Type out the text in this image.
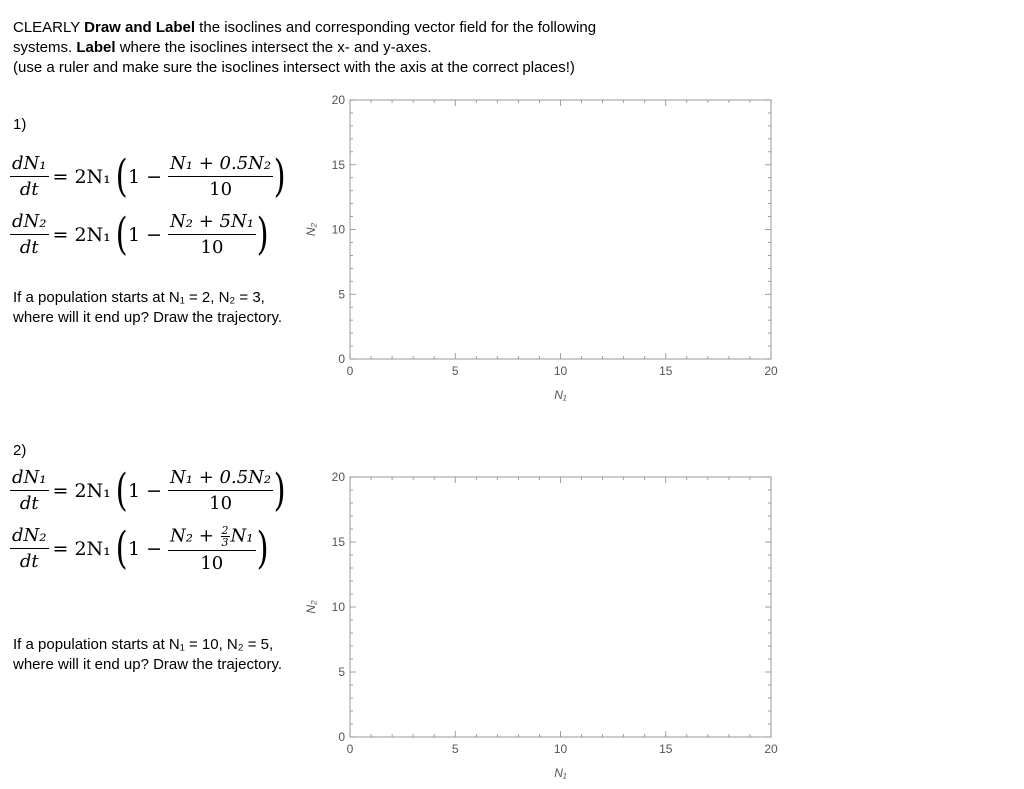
CLEARLY Draw and Label the isoclines and corresponding vector field for the following
systems. Label where the isoclines intersect the x- and y-axes.
(use a ruler and make sure the isoclines intersect with the axis at the correct places!)
1)
$\frac{\text{dN₁}}{dt} = 2N_1$ ( $1 - \frac{\text{N₁ + 0.5N₂}}{10}$ )
$\frac{\text{dN₂}}{dt} = 2N_1$ ( $1 - \frac{\text{N₂ + 5N₁}}{10}$ )
If a population starts at N₁ = 2, N₂ = 3,
where will it end up? Draw the trajectory.
2)
$\frac{\text{dN₁}}{dt} = 2N_1$ ( $1 - \frac{\text{N₁ + 0.5N₂}}{10}$ )
$\frac{\text{dN₂}}{dt} = 2N_1$ ( $1 - \frac{N_2 + \frac{2}{3} N_1}{10}$ )
If a population starts at N₁ = 10, N₂ = 5,
where will it end up? Draw the trajectory.
0	5	10	15	20
0
5
10
15
20
N₁
N₂
0	5	10	15	20
0
5
10
15
20
N₁
N₂
